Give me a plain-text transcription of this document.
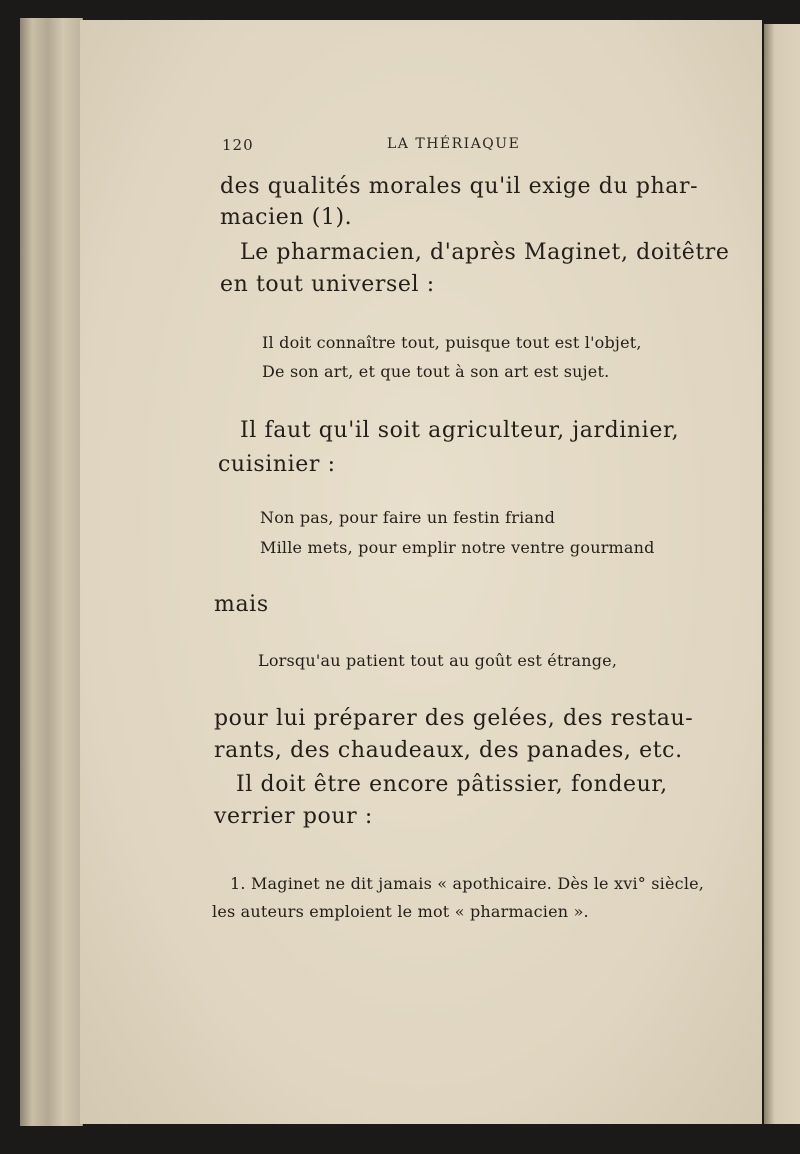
120	LA THÉRIAQUE
des qualités morales qu'il exige du phar-
macien (1).
Le pharmacien, d'après Maginet, doitêtre
en tout universel :
Il doit connaître tout, puisque tout est l'objet,
De son art, et que tout à son art est sujet.
Il faut qu'il soit agriculteur, jardinier,
cuisinier :
Non pas, pour faire un festin friand
Mille mets, pour emplir notre ventre gourmand
mais
Lorsqu'au patient tout au goût est étrange,
pour lui préparer des gelées, des restau-
rants, des chaudeaux, des panades, etc.
Il doit être encore pâtissier, fondeur,
verrier pour :
1. Maginet ne dit jamais « apothicaire. Dès le xvi° siècle,
les auteurs emploient le mot « pharmacien ».
